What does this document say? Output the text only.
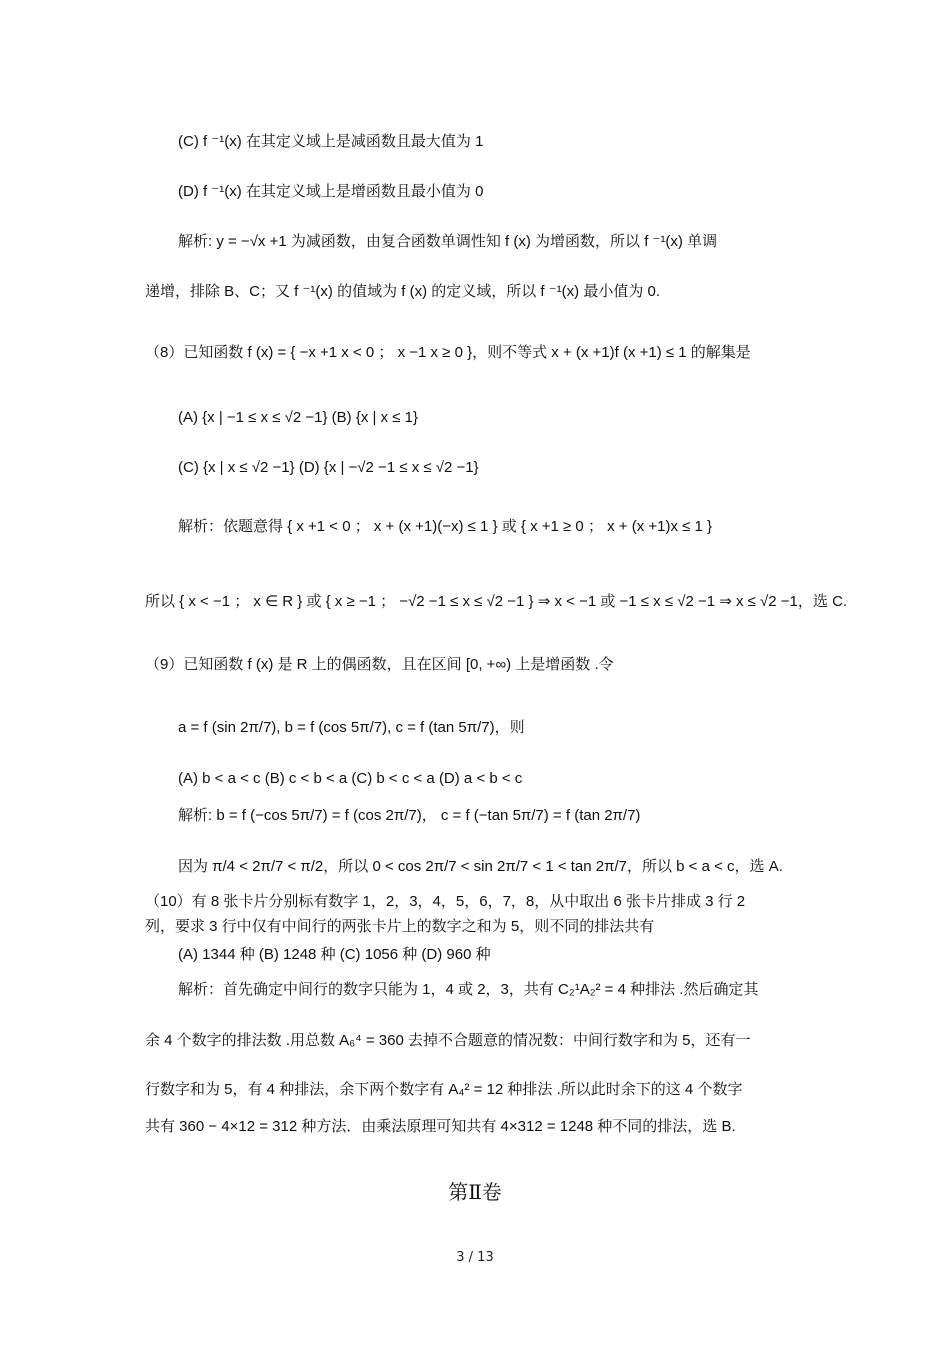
(C) f ⁻¹(x) 在其定义域上是减函数且最大值为 1
(D) f ⁻¹(x) 在其定义域上是增函数且最小值为 0
解析: y = −√x +1 为减函数，由复合函数单调性知 f (x) 为增函数，所以 f ⁻¹(x) 单调
递增，排除 B、C；又 f ⁻¹(x) 的值域为 f (x) 的定义域，所以 f ⁻¹(x) 最小值为 0.
（8）已知函数 f (x) = { −x +1 x < 0 ； x −1 x ≥ 0 }，则不等式 x + (x +1)f (x +1) ≤ 1 的解集是
(A) {x | −1 ≤ x ≤ √2 −1} (B) {x | x ≤ 1}
(C) {x | x ≤ √2 −1} (D) {x | −√2 −1 ≤ x ≤ √2 −1}
解析：依题意得 { x +1 < 0 ； x + (x +1)(−x) ≤ 1 } 或 { x +1 ≥ 0 ； x + (x +1)x ≤ 1 }
所以 { x < −1 ； x ∈ R } 或 { x ≥ −1 ； −√2 −1 ≤ x ≤ √2 −1 } ⇒ x < −1 或 −1 ≤ x ≤ √2 −1 ⇒ x ≤ √2 −1，选 C.
（9）已知函数 f (x) 是 R 上的偶函数，且在区间 [0, +∞) 上是增函数 .令
a = f (sin 2π/7), b = f (cos 5π/7), c = f (tan 5π/7)，则
(A) b < a < c (B) c < b < a (C) b < c < a (D) a < b < c
解析: b = f (−cos 5π/7) = f (cos 2π/7)， c = f (−tan 5π/7) = f (tan 2π/7)
因为 π/4 < 2π/7 < π/2，所以 0 < cos 2π/7 < sin 2π/7 < 1 < tan 2π/7，所以 b < a < c，选 A.
（10）有 8 张卡片分别标有数字 1，2，3，4，5，6，7，8，从中取出 6 张卡片排成 3 行 2
列，要求 3 行中仅有中间行的两张卡片上的数字之和为 5，则不同的排法共有
(A) 1344 种 (B) 1248 种 (C) 1056 种 (D) 960 种
解析：首先确定中间行的数字只能为 1，4 或 2，3，共有 C₂¹A₂² = 4 种排法 .然后确定其
余 4 个数字的排法数 .用总数 A₆⁴ = 360 去掉不合题意的情况数：中间行数字和为 5，还有一
行数字和为 5，有 4 种排法，余下两个数字有 A₄² = 12 种排法 .所以此时余下的这 4 个数字
共有 360 − 4×12 = 312 种方法．由乘法原理可知共有 4×312 = 1248 种不同的排法，选 B.
第Ⅱ卷
3 / 13
